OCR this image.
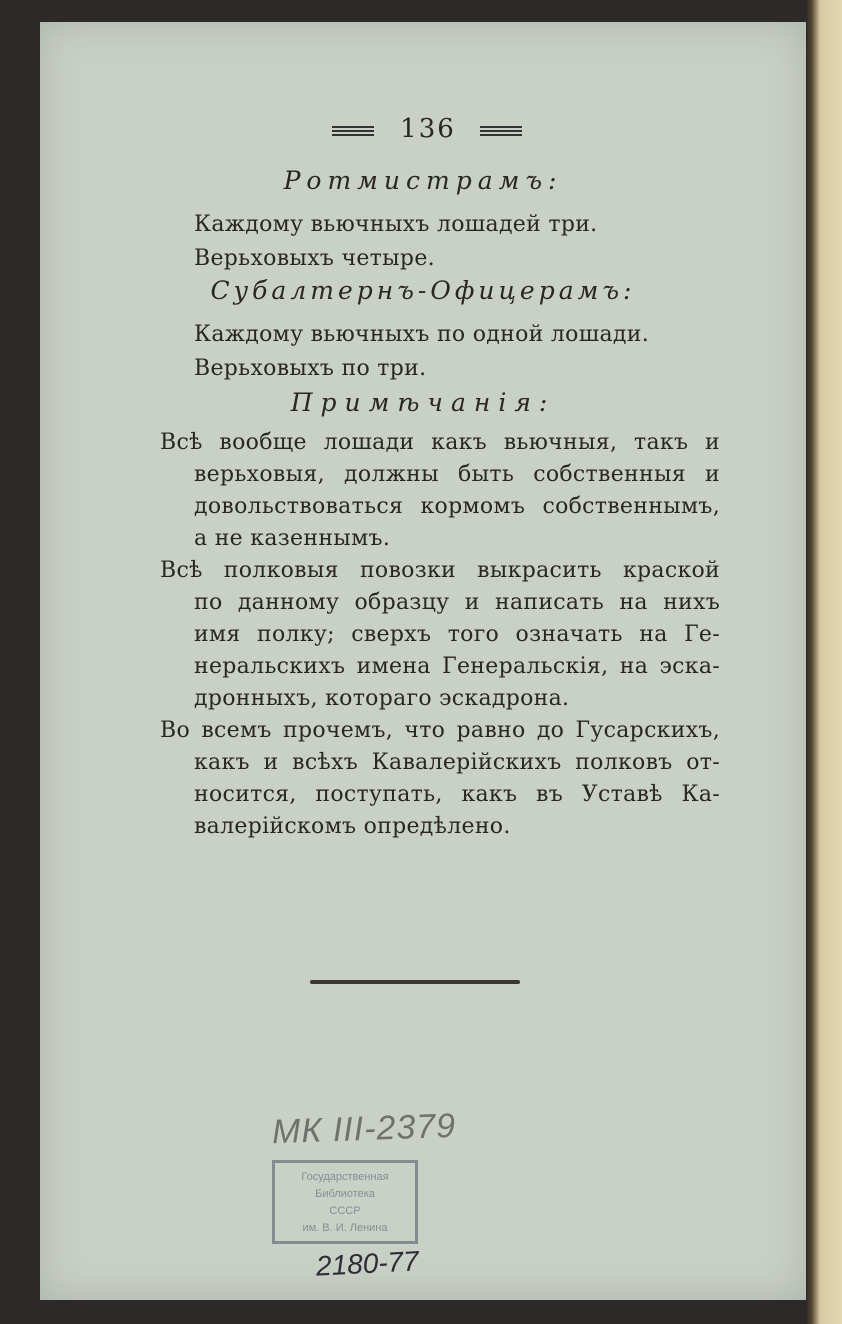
136
Ротмистрамъ:
Каждому вьючныхъ лошадей три.
Верьховыхъ четыре.
Субалтернъ-Офицерамъ:
Каждому вьючныхъ по одной лошади.
Верьховыхъ по три.
Примѣчанія:
Всѣ вообще лошади какъ вьючныя, такъ и
верьховыя, должны быть собственныя и
довольствоваться кормомъ собственнымъ,
а не казеннымъ.
Всѣ полковыя повозки выкрасить краской
по данному образцу и написать на нихъ
имя полку; сверхъ того означать на Ге-
неральскихъ имена Генеральскія, на эска-
дронныхъ, котораго эскадрона.
Во всемъ прочемъ, что равно до Гусарскихъ,
какъ и всѣхъ Кавалерійскихъ полковъ от-
носится, поступать, какъ въ Уставѣ Ка-
валерійскомъ опредѣлено.
МК III-2379
Государственная
Библиотека
СССР
им. В. И. Ленина
2180-77
